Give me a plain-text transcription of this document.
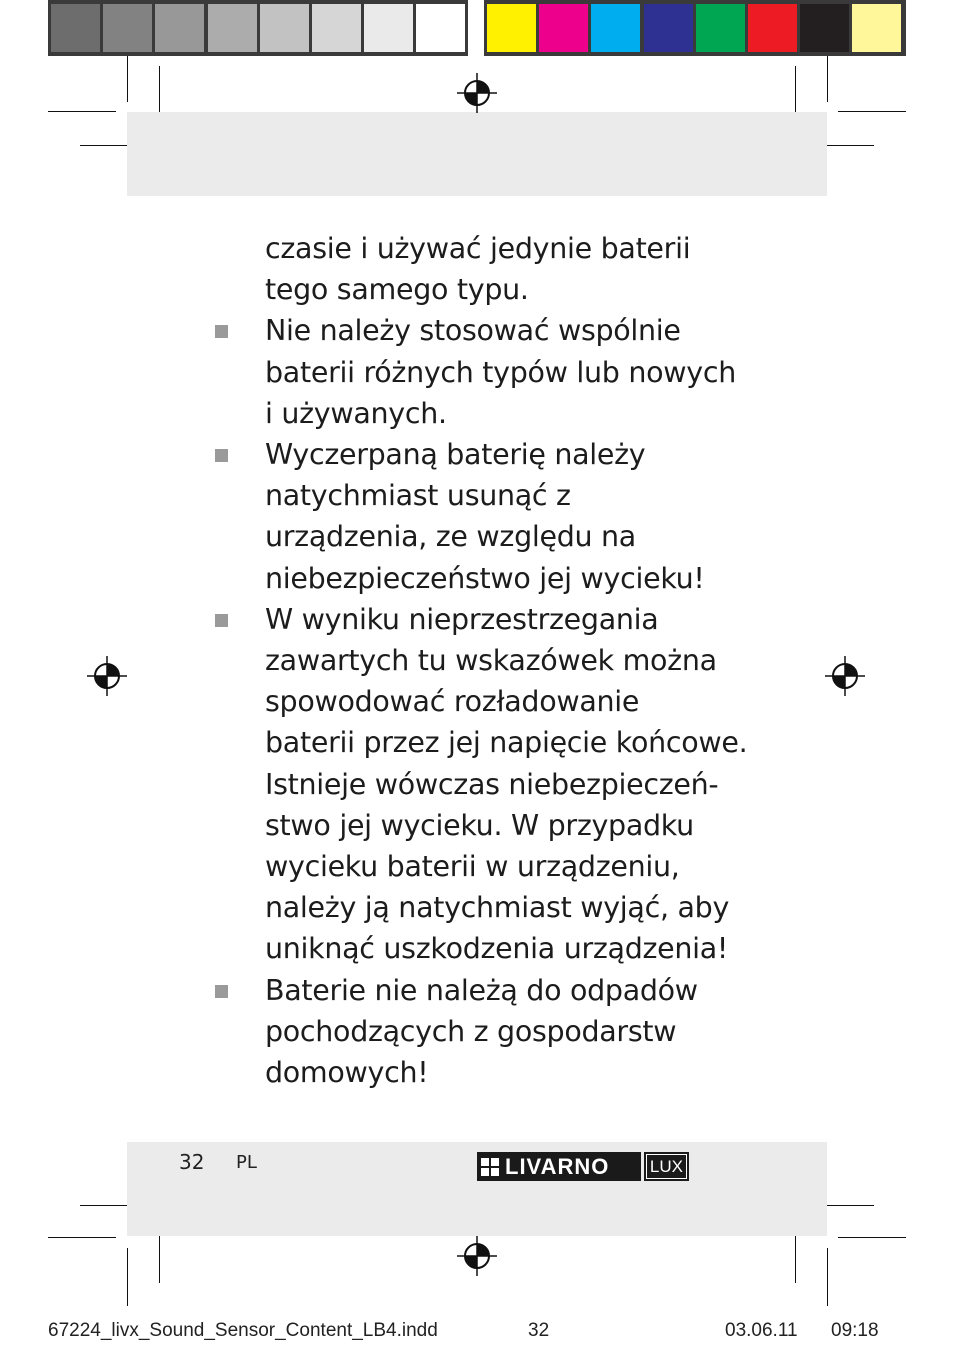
czasie i używać jedynie baterii
tego samego typu.
Nie należy stosować wspólnie
baterii różnych typów lub nowych
i używanych.
Wyczerpaną baterię należy
natychmiast usunąć z
urządzenia, ze względu na
niebezpieczeństwo jej wycieku!
W wyniku nieprzestrzegania
zawartych tu wskazówek można
spowodować rozładowanie
baterii przez jej napięcie końcowe.
Istnieje wówczas niebezpieczeń-
stwo jej wycieku. W przypadku
wycieku baterii w urządzeniu,
należy ją natychmiast wyjąć, aby
uniknąć uszkodzenia urządzenia!
Baterie nie należą do odpadów
pochodzących z gospodarstw
domowych!
32 PL	LIVARNO	LUX
67224_livx_Sound_Sensor_Content_LB4.indd	32	03.06.11 09:18
